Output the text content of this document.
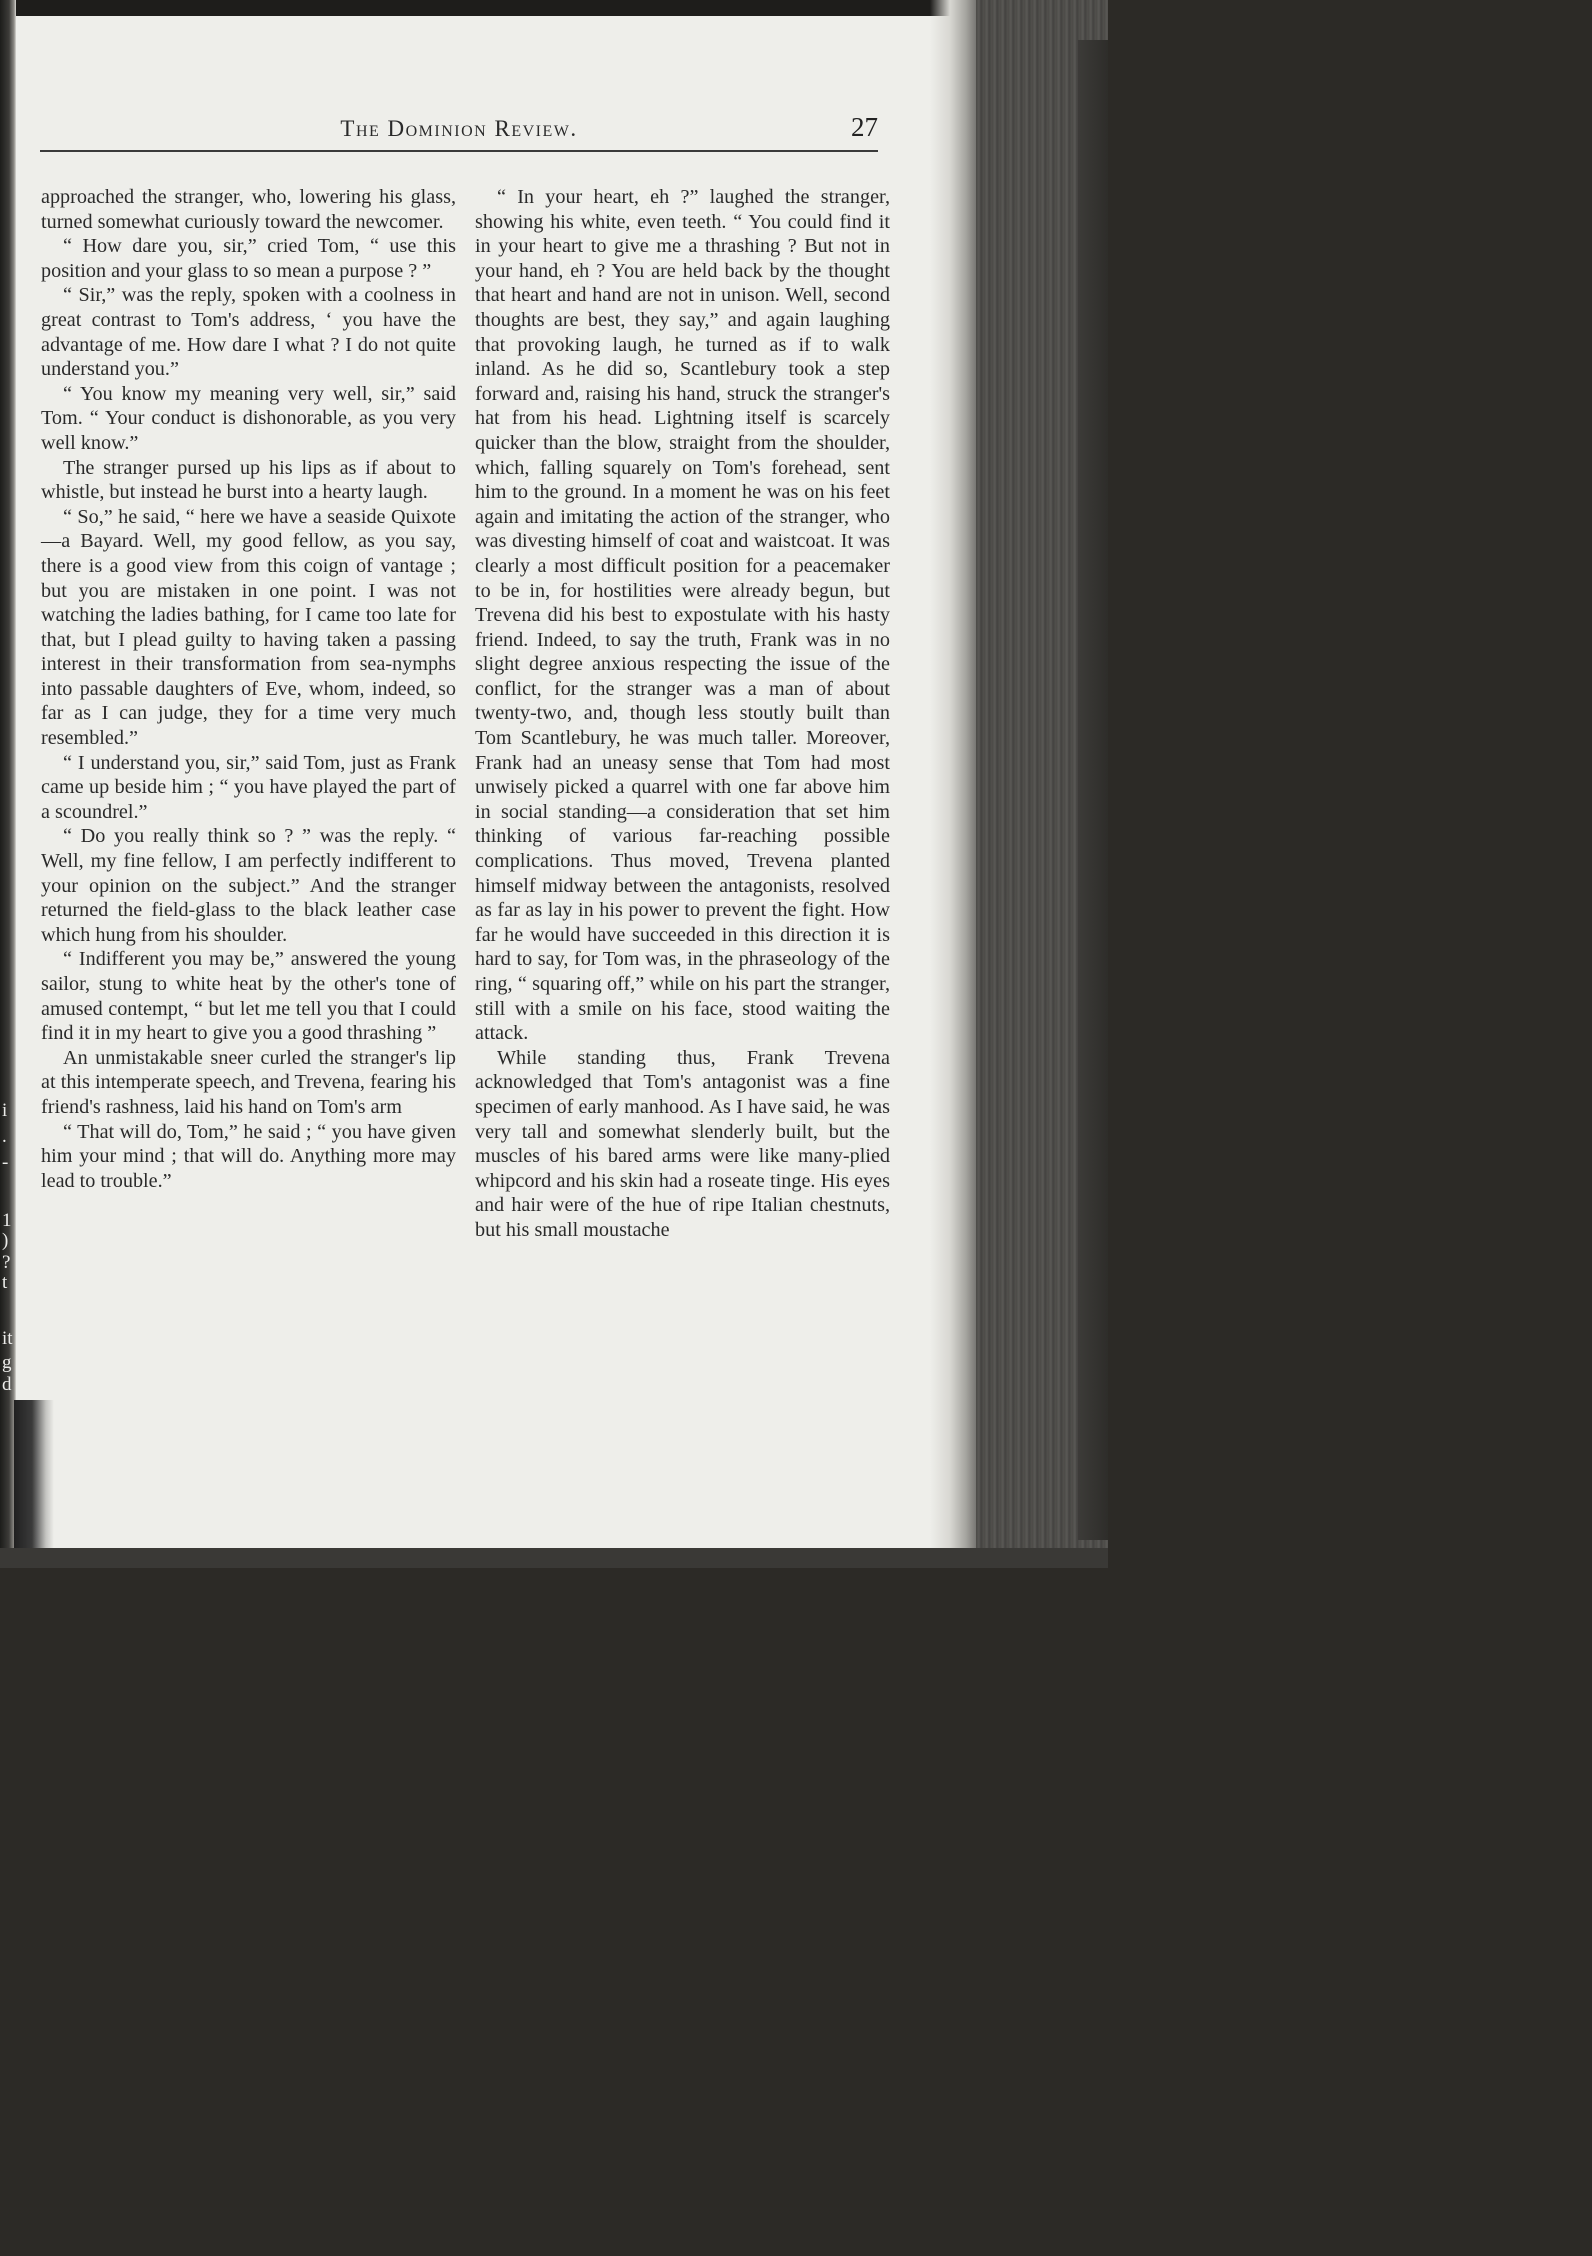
i
.
-
1
)
?
t
it
g
d
The Dominion Review.	27

approached the stranger, who, lowering his glass, turned somewhat curiously toward the newcomer.

“ How dare you, sir,” cried Tom, “ use this position and your glass to so mean a purpose ? ”

“ Sir,” was the reply, spoken with a coolness in great contrast to Tom's address, ‘ you have the advantage of me. How dare I what ? I do not quite understand you.”

“ You know my meaning very well, sir,” said Tom. “ Your conduct is dishonorable, as you very well know.”

The stranger pursed up his lips as if about to whistle, but instead he burst into a hearty laugh.

“ So,” he said, “ here we have a seaside Quixote—a Bayard. Well, my good fellow, as you say, there is a good view from this coign of vantage ; but you are mistaken in one point. I was not watching the ladies bathing, for I came too late for that, but I plead guilty to having taken a passing interest in their transformation from sea-nymphs into passable daughters of Eve, whom, indeed, so far as I can judge, they for a time very much resembled.”

“ I understand you, sir,” said Tom, just as Frank came up beside him ; “ you have played the part of a scoundrel.”

“ Do you really think so ? ” was the reply. “ Well, my fine fellow, I am perfectly indifferent to your opinion on the subject.” And the stranger returned the field-glass to the black leather case which hung from his shoulder.

“ Indifferent you may be,” answered the young sailor, stung to white heat by the other's tone of amused contempt, “ but let me tell you that I could find it in my heart to give you a good thrashing ”

An unmistakable sneer curled the stranger's lip at this intemperate speech, and Trevena, fearing his friend's rashness, laid his hand on Tom's arm

“ That will do, Tom,” he said ; “ you have given him your mind ; that will do. Anything more may lead to trouble.”

“ In your heart, eh ?” laughed the stranger, showing his white, even teeth. “ You could find it in your heart to give me a thrashing ? But not in your hand, eh ? You are held back by the thought that heart and hand are not in unison. Well, second thoughts are best, they say,” and again laughing that provoking laugh, he turned as if to walk inland. As he did so, Scantlebury took a step forward and, raising his hand, struck the stranger's hat from his head. Lightning itself is scarcely quicker than the blow, straight from the shoulder, which, falling squarely on Tom's forehead, sent him to the ground. In a moment he was on his feet again and imitating the action of the stranger, who was divesting himself of coat and waistcoat. It was clearly a most difficult position for a peacemaker to be in, for hostilities were already begun, but Trevena did his best to expostulate with his hasty friend. Indeed, to say the truth, Frank was in no slight degree anxious respecting the issue of the conflict, for the stranger was a man of about twenty-two, and, though less stoutly built than Tom Scantlebury, he was much taller. Moreover, Frank had an uneasy sense that Tom had most unwisely picked a quarrel with one far above him in social standing—a consideration that set him thinking of various far-reaching possible complications. Thus moved, Trevena planted himself midway between the antagonists, resolved as far as lay in his power to prevent the fight. How far he would have succeeded in this direction it is hard to say, for Tom was, in the phraseology of the ring, “ squaring off,” while on his part the stranger, still with a smile on his face, stood waiting the attack.

While standing thus, Frank Trevena acknowledged that Tom's antagonist was a fine specimen of early manhood. As I have said, he was very tall and somewhat slenderly built, but the muscles of his bared arms were like many-plied whipcord and his skin had a roseate tinge. His eyes and hair were of the hue of ripe Italian chestnuts, but his small moustache
